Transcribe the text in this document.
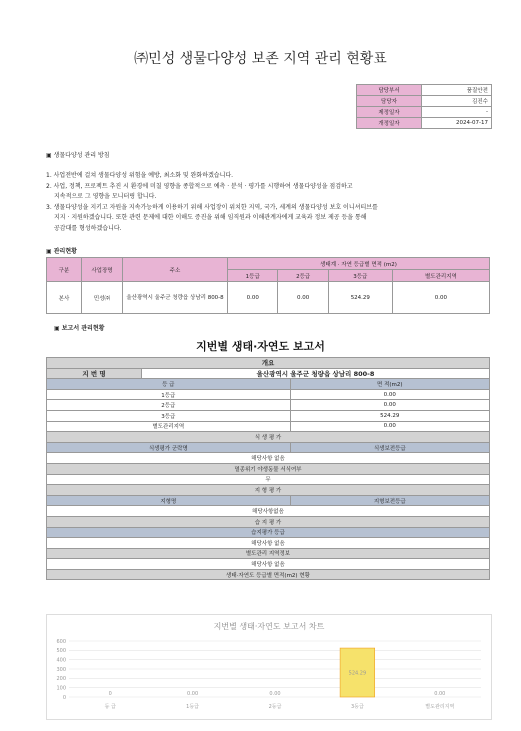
㈜민성 생물다양성 보존 지역 관리 현황표
담당부서	품질안전
담당자	김진수
제정일자	-
개정일자	2024-07-17
▣ 생물다양성 관리 방침
1. 사업전반에 걸쳐 생물다양성 위험을 예방, 최소화 및 완화하겠습니다.
2. 사업, 정책, 프로젝트 추진 시 환경에 미칠 영향을 종합적으로 예측 · 분석 · 평가를 시행하여 생물다양성을 점검하고
지속적으로 그 영향을 모니터링 합니다.
3. 생물다양성을 지키고 자원을 지속가능하게 이용하기 위해 사업장이 위치한 지역, 국가, 세계의 생물다양성 보호 이니셔티브를
지지 · 지원하겠습니다. 또한 관련 문제에 대한 이해도 증진을 위해 임직원과 이해관계자에게 교육과 정보 제공 등을 통해
공감대를 형성하겠습니다.
▣ 관리현황
구분	사업장명	주소	생태계 · 자연 등급별 면적 (m2)			
			1등급	2등급	3등급	별도관리지역
본사	민성㈜	울산광역시 울주군 청량읍 상남리 800-8	0.00	0.00	524.29	0.00
▣ 보고서 관리현황
지번별 생태·자연도 보고서
개요
지 번 명	울산광역시 울주군 청량읍 상남리 800-8

등 급	면 적(m2)
1등급	0.00
2등급	0.00
3등급	524.29
별도관리지역	0.00

식 생 평 가

식생평가 군락명	식생보전등급

해당사항 없음
멸종위기 야생동물 서식여부
무
지 형 평 가

지형명	지형보전등급

해당사항없음
습 지 평 가
습지평가 등급
해당사항 없음
별도관리 지역정보
해당사항 없음
생태·자연도 등급별 면적(m2) 현황
지번별 생태·자연도 보고서 차트
600
500
400
300
200
100
0
0
등 급
0.00
1등급
0.00
2등급
524.29
3등급
0.00
별도관리지역
